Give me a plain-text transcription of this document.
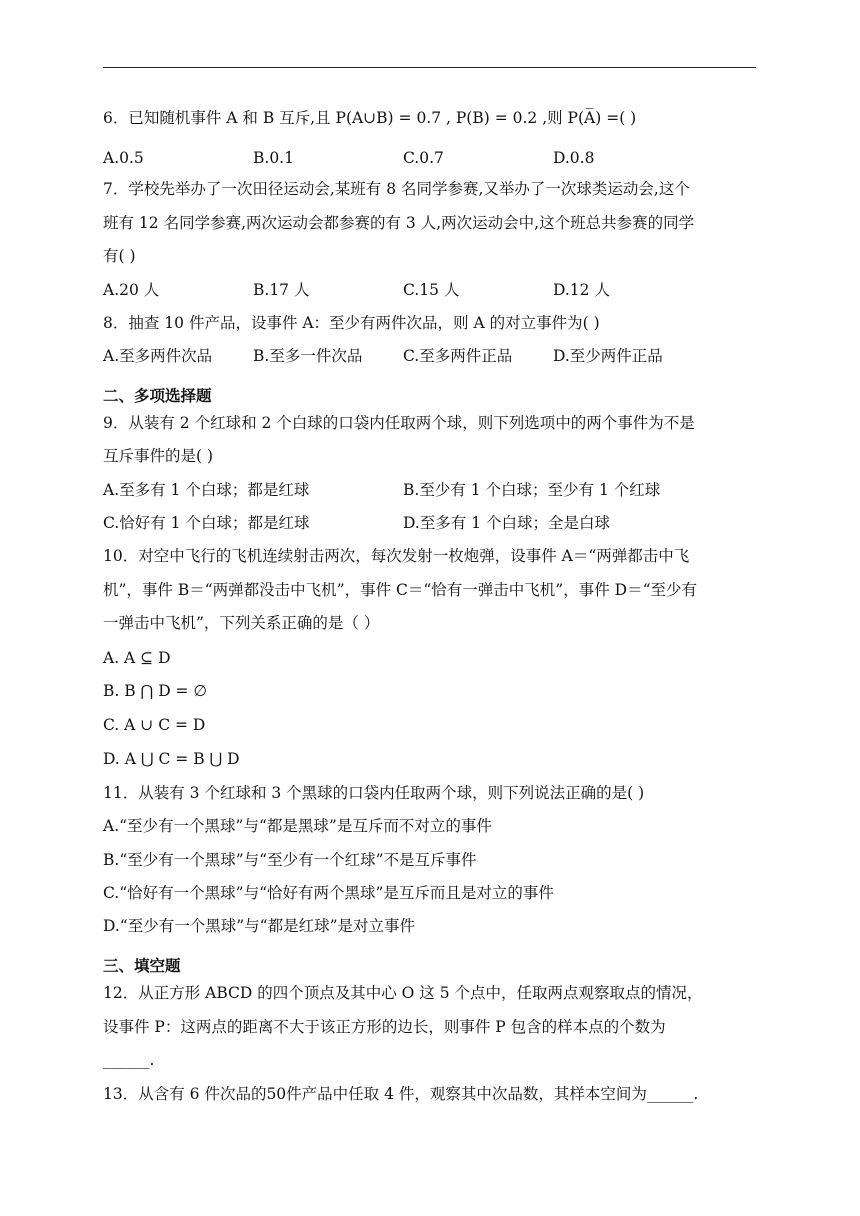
6．已知随机事件 A 和 B 互斥,且 P(A∪B) = 0.7 , P(B) = 0.2 ,则 P(A̅) =( )
A.0.5	B.0.1	C.0.7	D.0.8
7．学校先举办了一次田径运动会,某班有 8 名同学参赛,又举办了一次球类运动会,这个
班有 12 名同学参赛,两次运动会都参赛的有 3 人,两次运动会中,这个班总共参赛的同学
有( )
A.20 人	B.17 人	C.15 人	D.12 人
8．抽查 10 件产品，设事件 A：至少有两件次品，则 A 的对立事件为( )
A.至多两件次品	B.至多一件次品	C.至多两件正品	D.至少两件正品
二、多项选择题
9．从装有 2 个红球和 2 个白球的口袋内任取两个球，则下列选项中的两个事件为不是
互斥事件的是( )
A.至多有 1 个白球；都是红球	B.至少有 1 个白球；至少有 1 个红球
C.恰好有 1 个白球；都是红球	D.至多有 1 个白球；全是白球
10．对空中飞行的飞机连续射击两次，每次发射一枚炮弹，设事件 A＝“两弹都击中飞
机”，事件 B＝“两弹都没击中飞机”，事件 C＝“恰有一弹击中飞机”，事件 D＝“至少有
一弹击中飞机”，下列关系正确的是（ ）
A. A ⊆ D
B. B ⋂ D = ∅
C. A ∪ C = D
D. A ⋃ C = B ⋃ D
11．从装有 3 个红球和 3 个黑球的口袋内任取两个球，则下列说法正确的是( )
A.“至少有一个黑球”与“都是黑球”是互斥而不对立的事件
B.“至少有一个黑球”与“至少有一个红球”不是互斥事件
C.“恰好有一个黑球”与“恰好有两个黑球”是互斥而且是对立的事件
D.“至少有一个黑球”与“都是红球”是对立事件
三、填空题
12．从正方形 ABCD 的四个顶点及其中心 O 这 5 个点中，任取两点观察取点的情况，
设事件 P：这两点的距离不大于该正方形的边长，则事件 P 包含的样本点的个数为
______.
13．从含有 6 件次品的50件产品中任取 4 件，观察其中次品数，其样本空间为______.
